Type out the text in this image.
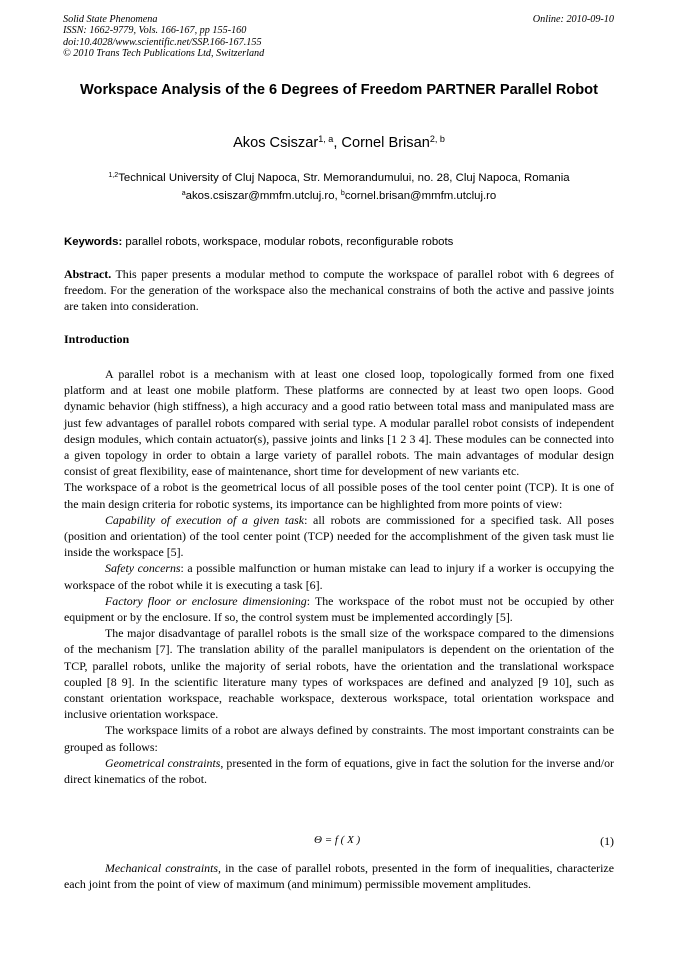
Solid State Phenomena
ISSN: 1662-9779, Vols. 166-167, pp 155-160
doi:10.4028/www.scientific.net/SSP.166-167.155
© 2010 Trans Tech Publications Ltd, Switzerland
Online: 2010-09-10
Workspace Analysis of the 6 Degrees of Freedom PARTNER Parallel Robot
Akos Csiszar$^{1, a}$, Cornel Brisan$^{2, b}$
$^{1,2}$Technical University of Cluj Napoca, Str. Memorandumului, no. 28, Cluj Napoca, Romania
$^a$akos.csiszar@mmfm.utcluj.ro, $^b$cornel.brisan@mmfm.utcluj.ro
Keywords: parallel robots, workspace, modular robots, reconfigurable robots
Abstract. This paper presents a modular method to compute the workspace of parallel robot with 6 degrees of freedom. For the generation of the workspace also the mechanical constrains of both the active and passive joints are taken into consideration.
Introduction

A parallel robot is a mechanism with at least one closed loop, topologically formed from one fixed platform and at least one mobile platform. These platforms are connected by at least two open loops. Good dynamic behavior (high stiffness), a high accuracy and a good ratio between total mass and manipulated mass are just few advantages of parallel robots compared with serial type. A modular parallel robot consists of independent design modules, which contain actuator(s), passive joints and links [1 2 3 4]. These modules can be connected into a given topology in order to obtain a large variety of parallel robots. The main advantages of modular design consist of great flexibility, ease of maintenance, short time for development of new variants etc.

The workspace of a robot is the geometrical locus of all possible poses of the tool center point (TCP). It is one of the main design criteria for robotic systems, its importance can be highlighted from more points of view:

Capability of execution of a given task: all robots are commissioned for a specified task. All poses (position and orientation) of the tool center point (TCP) needed for the accomplishment of the given task must lie inside the workspace [5].

Safety concerns: a possible malfunction or human mistake can lead to injury if a worker is occupying the workspace of the robot while it is executing a task [6].

Factory floor or enclosure dimensioning: The workspace of the robot must not be occupied by other equipment or by the enclosure. If so, the control system must be implemented accordingly [5].

The major disadvantage of parallel robots is the small size of the workspace compared to the dimensions of the mechanism [7]. The translation ability of the parallel manipulators is dependent on the orientation of the TCP, parallel robots, unlike the majority of serial robots, have the orientation and the translational workspace coupled [8 9]. In the scientific literature many types of workspaces are defined and analyzed [9 10], such as constant orientation workspace, reachable workspace, dexterous workspace, total orientation workspace and inclusive orientation workspace.

The workspace limits of a robot are always defined by constraints. The most important constraints can be grouped as follows:

Geometrical constraints, presented in the form of equations, give in fact the solution for the inverse and/or direct kinematics of the robot.

Θ = f ( X )	(1)

Mechanical constraints, in the case of parallel robots, presented in the form of inequalities, characterize each joint from the point of view of maximum (and minimum) permissible movement amplitudes.
